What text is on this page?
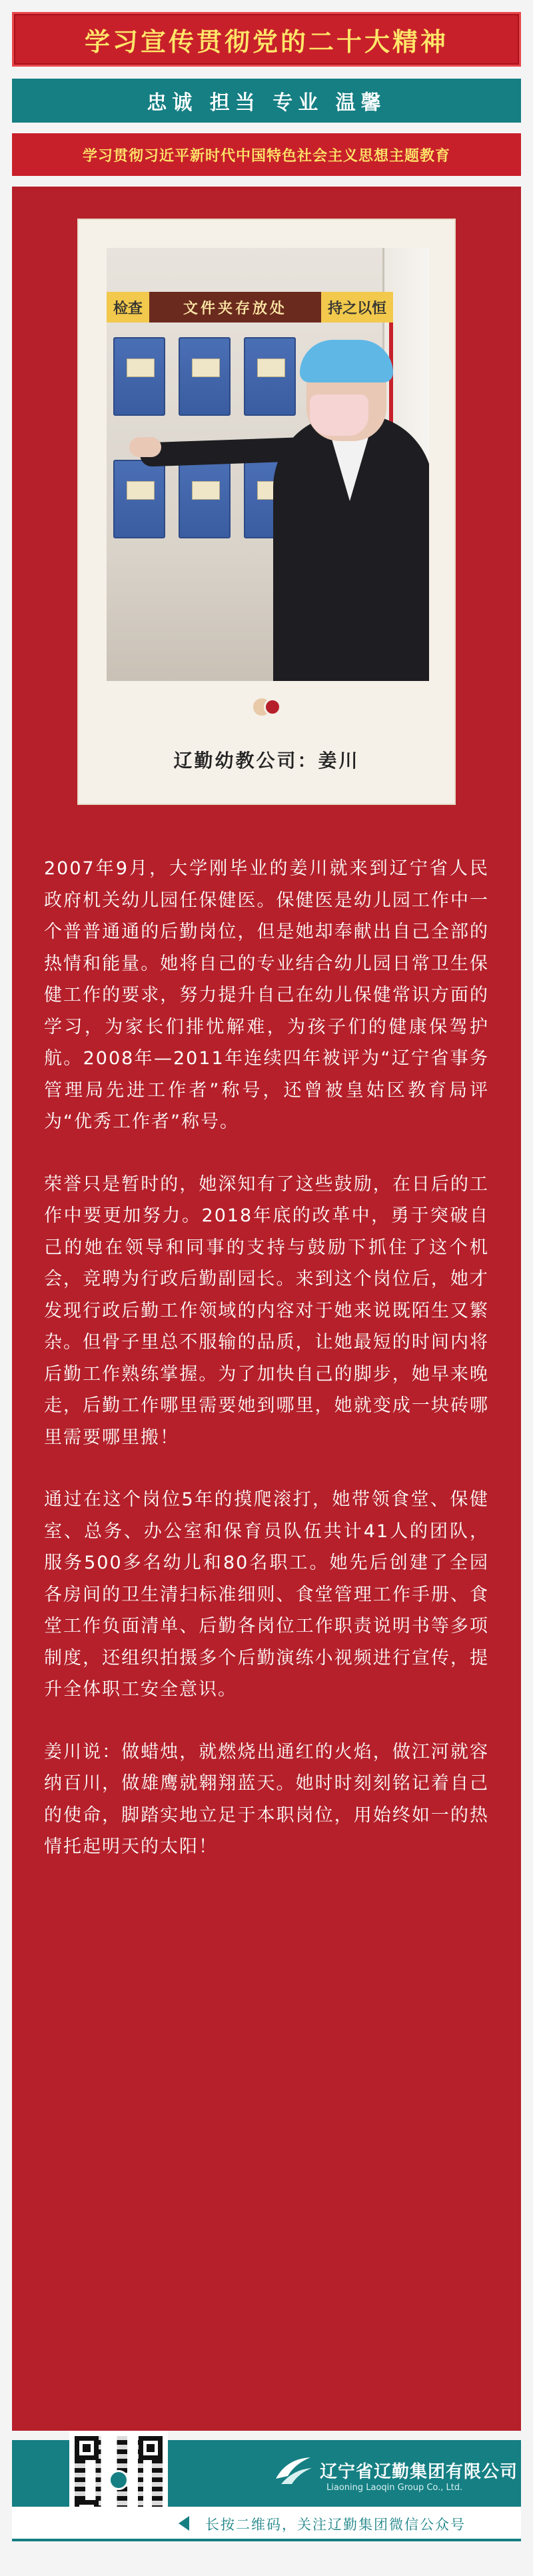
学习宣传贯彻党的二十大精神
忠诚 担当 专业 温馨
学习贯彻习近平新时代中国特色社会主义思想主题教育
检查	文件夹存放处	持之以恒
辽勤幼教公司：姜川

2007年9月，大学刚毕业的姜川就来到辽宁省人民政府机关幼儿园任保健医。保健医是幼儿园工作中一个普普通通的后勤岗位，但是她却奉献出自己全部的热情和能量。她将自己的专业结合幼儿园日常卫生保健工作的要求，努力提升自己在幼儿保健常识方面的学习，为家长们排忧解难，为孩子们的健康保驾护航。2008年—2011年连续四年被评为“辽宁省事务管理局先进工作者”称号，还曾被皇姑区教育局评为“优秀工作者”称号。

荣誉只是暂时的，她深知有了这些鼓励，在日后的工作中要更加努力。2018年底的改革中，勇于突破自己的她在领导和同事的支持与鼓励下抓住了这个机会，竞聘为行政后勤副园长。来到这个岗位后，她才发现行政后勤工作领域的内容对于她来说既陌生又繁杂。但骨子里总不服输的品质，让她最短的时间内将后勤工作熟练掌握。为了加快自己的脚步，她早来晚走，后勤工作哪里需要她到哪里，她就变成一块砖哪里需要哪里搬！

通过在这个岗位5年的摸爬滚打，她带领食堂、保健室、总务、办公室和保育员队伍共计41人的团队，服务500多名幼儿和80名职工。她先后创建了全园各房间的卫生清扫标准细则、食堂管理工作手册、食堂工作负面清单、后勤各岗位工作职责说明书等多项制度，还组织拍摄多个后勤演练小视频进行宣传，提升全体职工安全意识。

姜川说：做蜡烛，就燃烧出通红的火焰，做江河就容纳百川，做雄鹰就翱翔蓝天。她时时刻刻铭记着自己的使命，脚踏实地立足于本职岗位，用始终如一的热情托起明天的太阳！

辽宁省辽勤集团有限公司
Liaoning Laoqin Group Co., Ltd.
长按二维码，关注辽勤集团微信公众号
